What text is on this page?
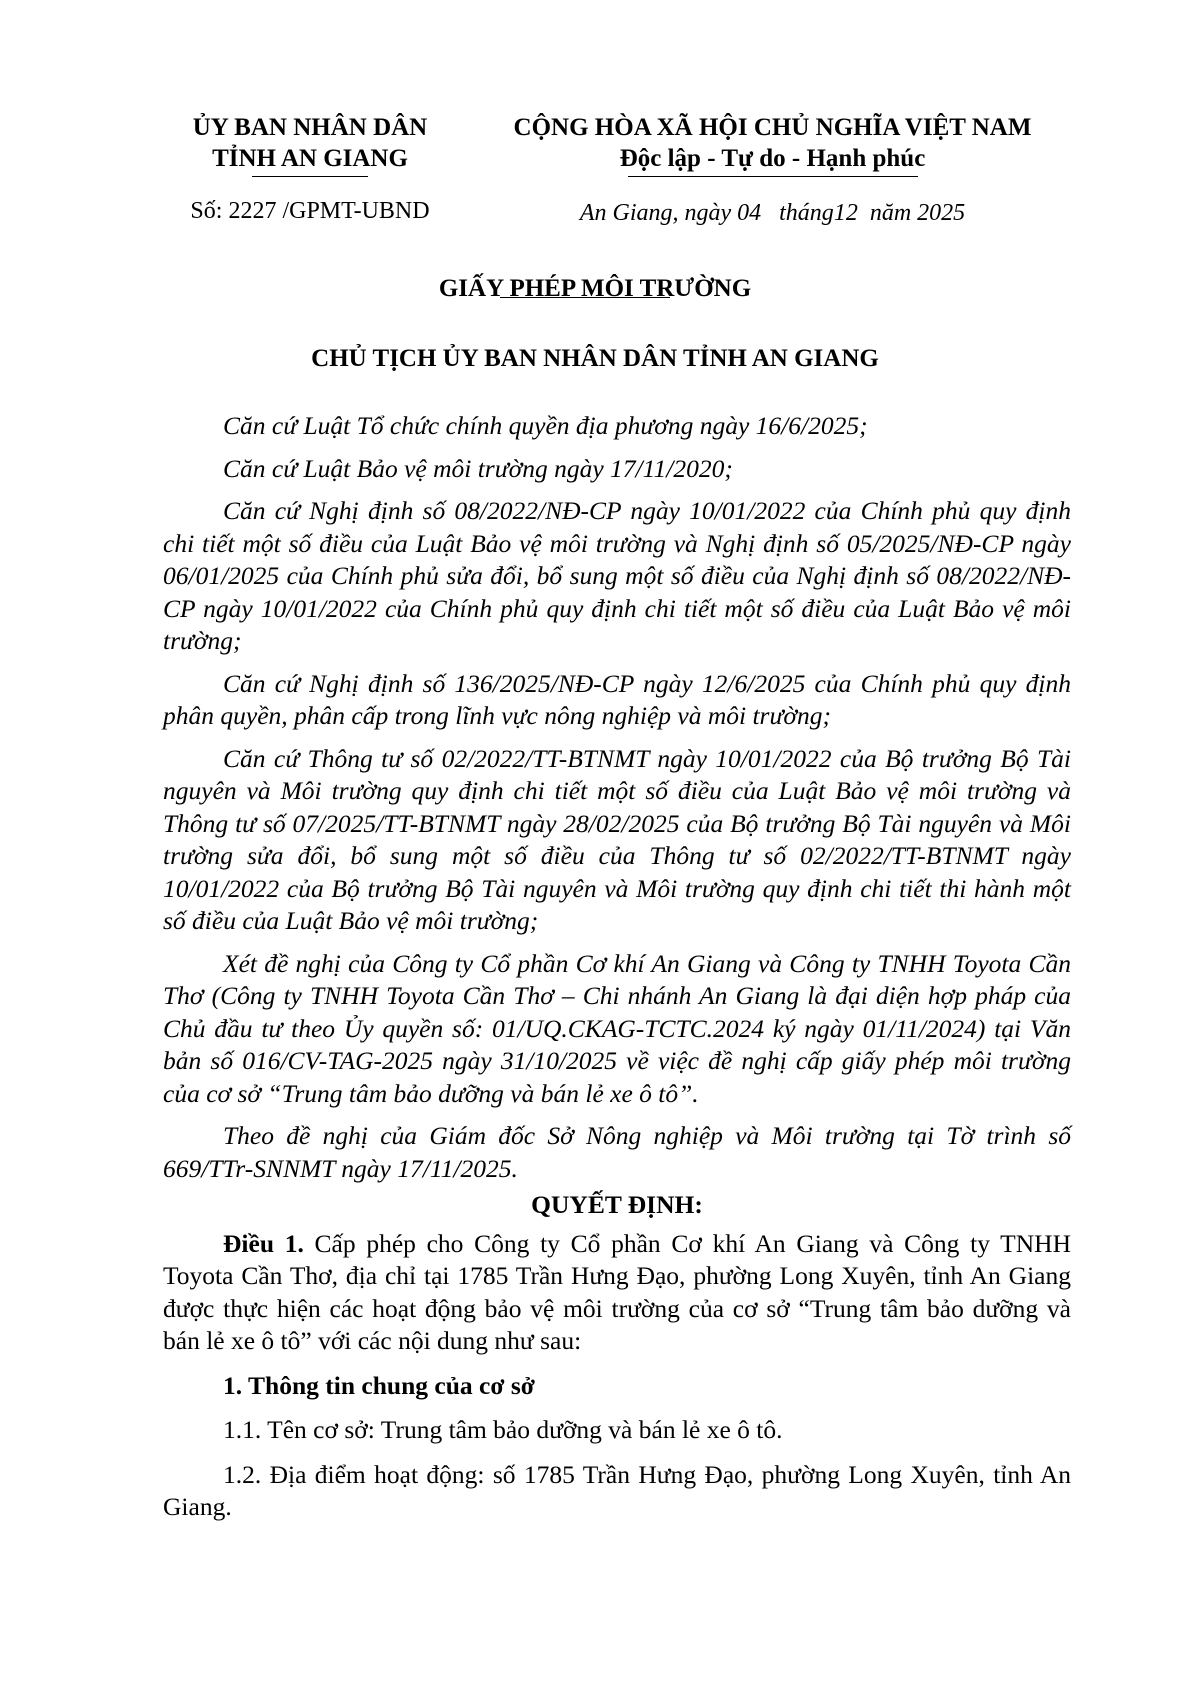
ỦY BAN NHÂN DÂN
TỈNH AN GIANG
CỘNG HÒA XÃ HỘI CHỦ NGHĨA VIỆT NAM
Độc lập - Tự do - Hạnh phúc
Số: 2227 /GPMT-UBND	An Giang, ngày 04 tháng12 năm 2025
GIẤY PHÉP MÔI TRƯỜNG
CHỦ TỊCH ỦY BAN NHÂN DÂN TỈNH AN GIANG

Căn cứ Luật Tổ chức chính quyền địa phương ngày 16/6/2025;

Căn cứ Luật Bảo vệ môi trường ngày 17/11/2020;

Căn cứ Nghị định số 08/2022/NĐ-CP ngày 10/01/2022 của Chính phủ quy định chi tiết một số điều của Luật Bảo vệ môi trường và Nghị định số 05/2025/NĐ-CP ngày 06/01/2025 của Chính phủ sửa đổi, bổ sung một số điều của Nghị định số 08/2022/NĐ-CP ngày 10/01/2022 của Chính phủ quy định chi tiết một số điều của Luật Bảo vệ môi trường;

Căn cứ Nghị định số 136/2025/NĐ-CP ngày 12/6/2025 của Chính phủ quy định phân quyền, phân cấp trong lĩnh vực nông nghiệp và môi trường;

Căn cứ Thông tư số 02/2022/TT-BTNMT ngày 10/01/2022 của Bộ trưởng Bộ Tài nguyên và Môi trường quy định chi tiết một số điều của Luật Bảo vệ môi trường và Thông tư số 07/2025/TT-BTNMT ngày 28/02/2025 của Bộ trưởng Bộ Tài nguyên và Môi trường sửa đổi, bổ sung một số điều của Thông tư số 02/2022/TT-BTNMT ngày 10/01/2022 của Bộ trưởng Bộ Tài nguyên và Môi trường quy định chi tiết thi hành một số điều của Luật Bảo vệ môi trường;

Xét đề nghị của Công ty Cổ phần Cơ khí An Giang và Công ty TNHH Toyota Cần Thơ (Công ty TNHH Toyota Cần Thơ – Chi nhánh An Giang là đại diện hợp pháp của Chủ đầu tư theo Ủy quyền số: 01/UQ.CKAG-TCTC.2024 ký ngày 01/11/2024) tại Văn bản số 016/CV-TAG-2025 ngày 31/10/2025 về việc đề nghị cấp giấy phép môi trường của cơ sở “Trung tâm bảo dưỡng và bán lẻ xe ô tô”.

Theo đề nghị của Giám đốc Sở Nông nghiệp và Môi trường tại Tờ trình số 669/TTr-SNNMT ngày 17/11/2025.

QUYẾT ĐỊNH:

Điều 1. Cấp phép cho Công ty Cổ phần Cơ khí An Giang và Công ty TNHH Toyota Cần Thơ, địa chỉ tại 1785 Trần Hưng Đạo, phường Long Xuyên, tỉnh An Giang được thực hiện các hoạt động bảo vệ môi trường của cơ sở “Trung tâm bảo dưỡng và bán lẻ xe ô tô” với các nội dung như sau:

1. Thông tin chung của cơ sở

1.1. Tên cơ sở: Trung tâm bảo dưỡng và bán lẻ xe ô tô.

1.2. Địa điểm hoạt động: số 1785 Trần Hưng Đạo, phường Long Xuyên, tỉnh An Giang.
